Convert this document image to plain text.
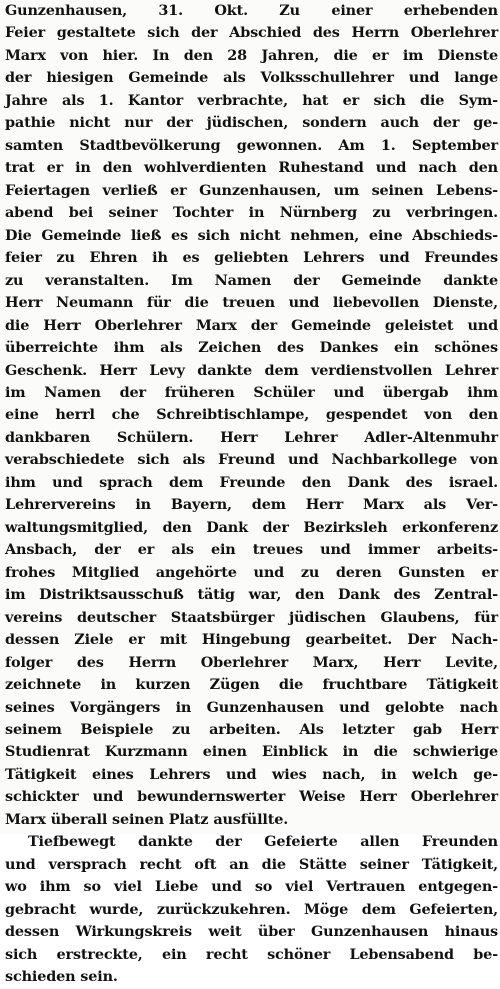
Gunzenhausen, 31. Okt. Zu einer erhebenden
Feier gestaltete sich der Abschied des Herrn Oberlehrer
Marx von hier. In den 28 Jahren, die er im Dienste
der hiesigen Gemeinde als Volksschullehrer und lange
Jahre als 1. Kantor verbrachte, hat er sich die Sym-
pathie nicht nur der jüdischen, sondern auch der ge-
samten Stadtbevölkerung gewonnen. Am 1. September
trat er in den wohlverdienten Ruhestand und nach den
Feiertagen verließ er Gunzenhausen, um seinen Lebens-
abend bei seiner Tochter in Nürnberg zu verbringen.
Die Gemeinde ließ es sich nicht nehmen, eine Abschieds-
feier zu Ehren ih es geliebten Lehrers und Freundes
zu veranstalten. Im Namen der Gemeinde dankte
Herr Neumann für die treuen und liebevollen Dienste,
die Herr Oberlehrer Marx der Gemeinde geleistet und
überreichte ihm als Zeichen des Dankes ein schönes
Geschenk. Herr Levy dankte dem verdienstvollen Lehrer
im Namen der früheren Schüler und übergab ihm
eine herrl che Schreibtischlampe, gespendet von den
dankbaren Schülern. Herr Lehrer Adler-Altenmuhr
verabschiedete sich als Freund und Nachbarkollege von
ihm und sprach dem Freunde den Dank des israel.
Lehrervereins in Bayern, dem Herr Marx als Ver-
waltungsmitglied, den Dank der Bezirksleh erkonferenz
Ansbach, der er als ein treues und immer arbeits-
frohes Mitglied angehörte und zu deren Gunsten er
im Distriktsausschuß tätig war, den Dank des Zentral-
vereins deutscher Staatsbürger jüdischen Glaubens, für
dessen Ziele er mit Hingebung gearbeitet. Der Nach-
folger des Herrn Oberlehrer Marx, Herr Levite,
zeichnete in kurzen Zügen die fruchtbare Tätigkeit
seines Vorgängers in Gunzenhausen und gelobte nach
seinem Beispiele zu arbeiten. Als letzter gab Herr
Studienrat Kurzmann einen Einblick in die schwierige
Tätigkeit eines Lehrers und wies nach, in welch ge-
schickter und bewundernswerter Weise Herr Oberlehrer
Marx überall seinen Platz ausfüllte.
Tiefbewegt dankte der Gefeierte allen Freunden
und versprach recht oft an die Stätte seiner Tätigkeit,
wo ihm so viel Liebe und so viel Vertrauen entgegen-
gebracht wurde, zurückzukehren. Möge dem Gefeierten,
dessen Wirkungskreis weit über Gunzenhausen hinaus
sich erstreckte, ein recht schöner Lebensabend be-
schieden sein.
